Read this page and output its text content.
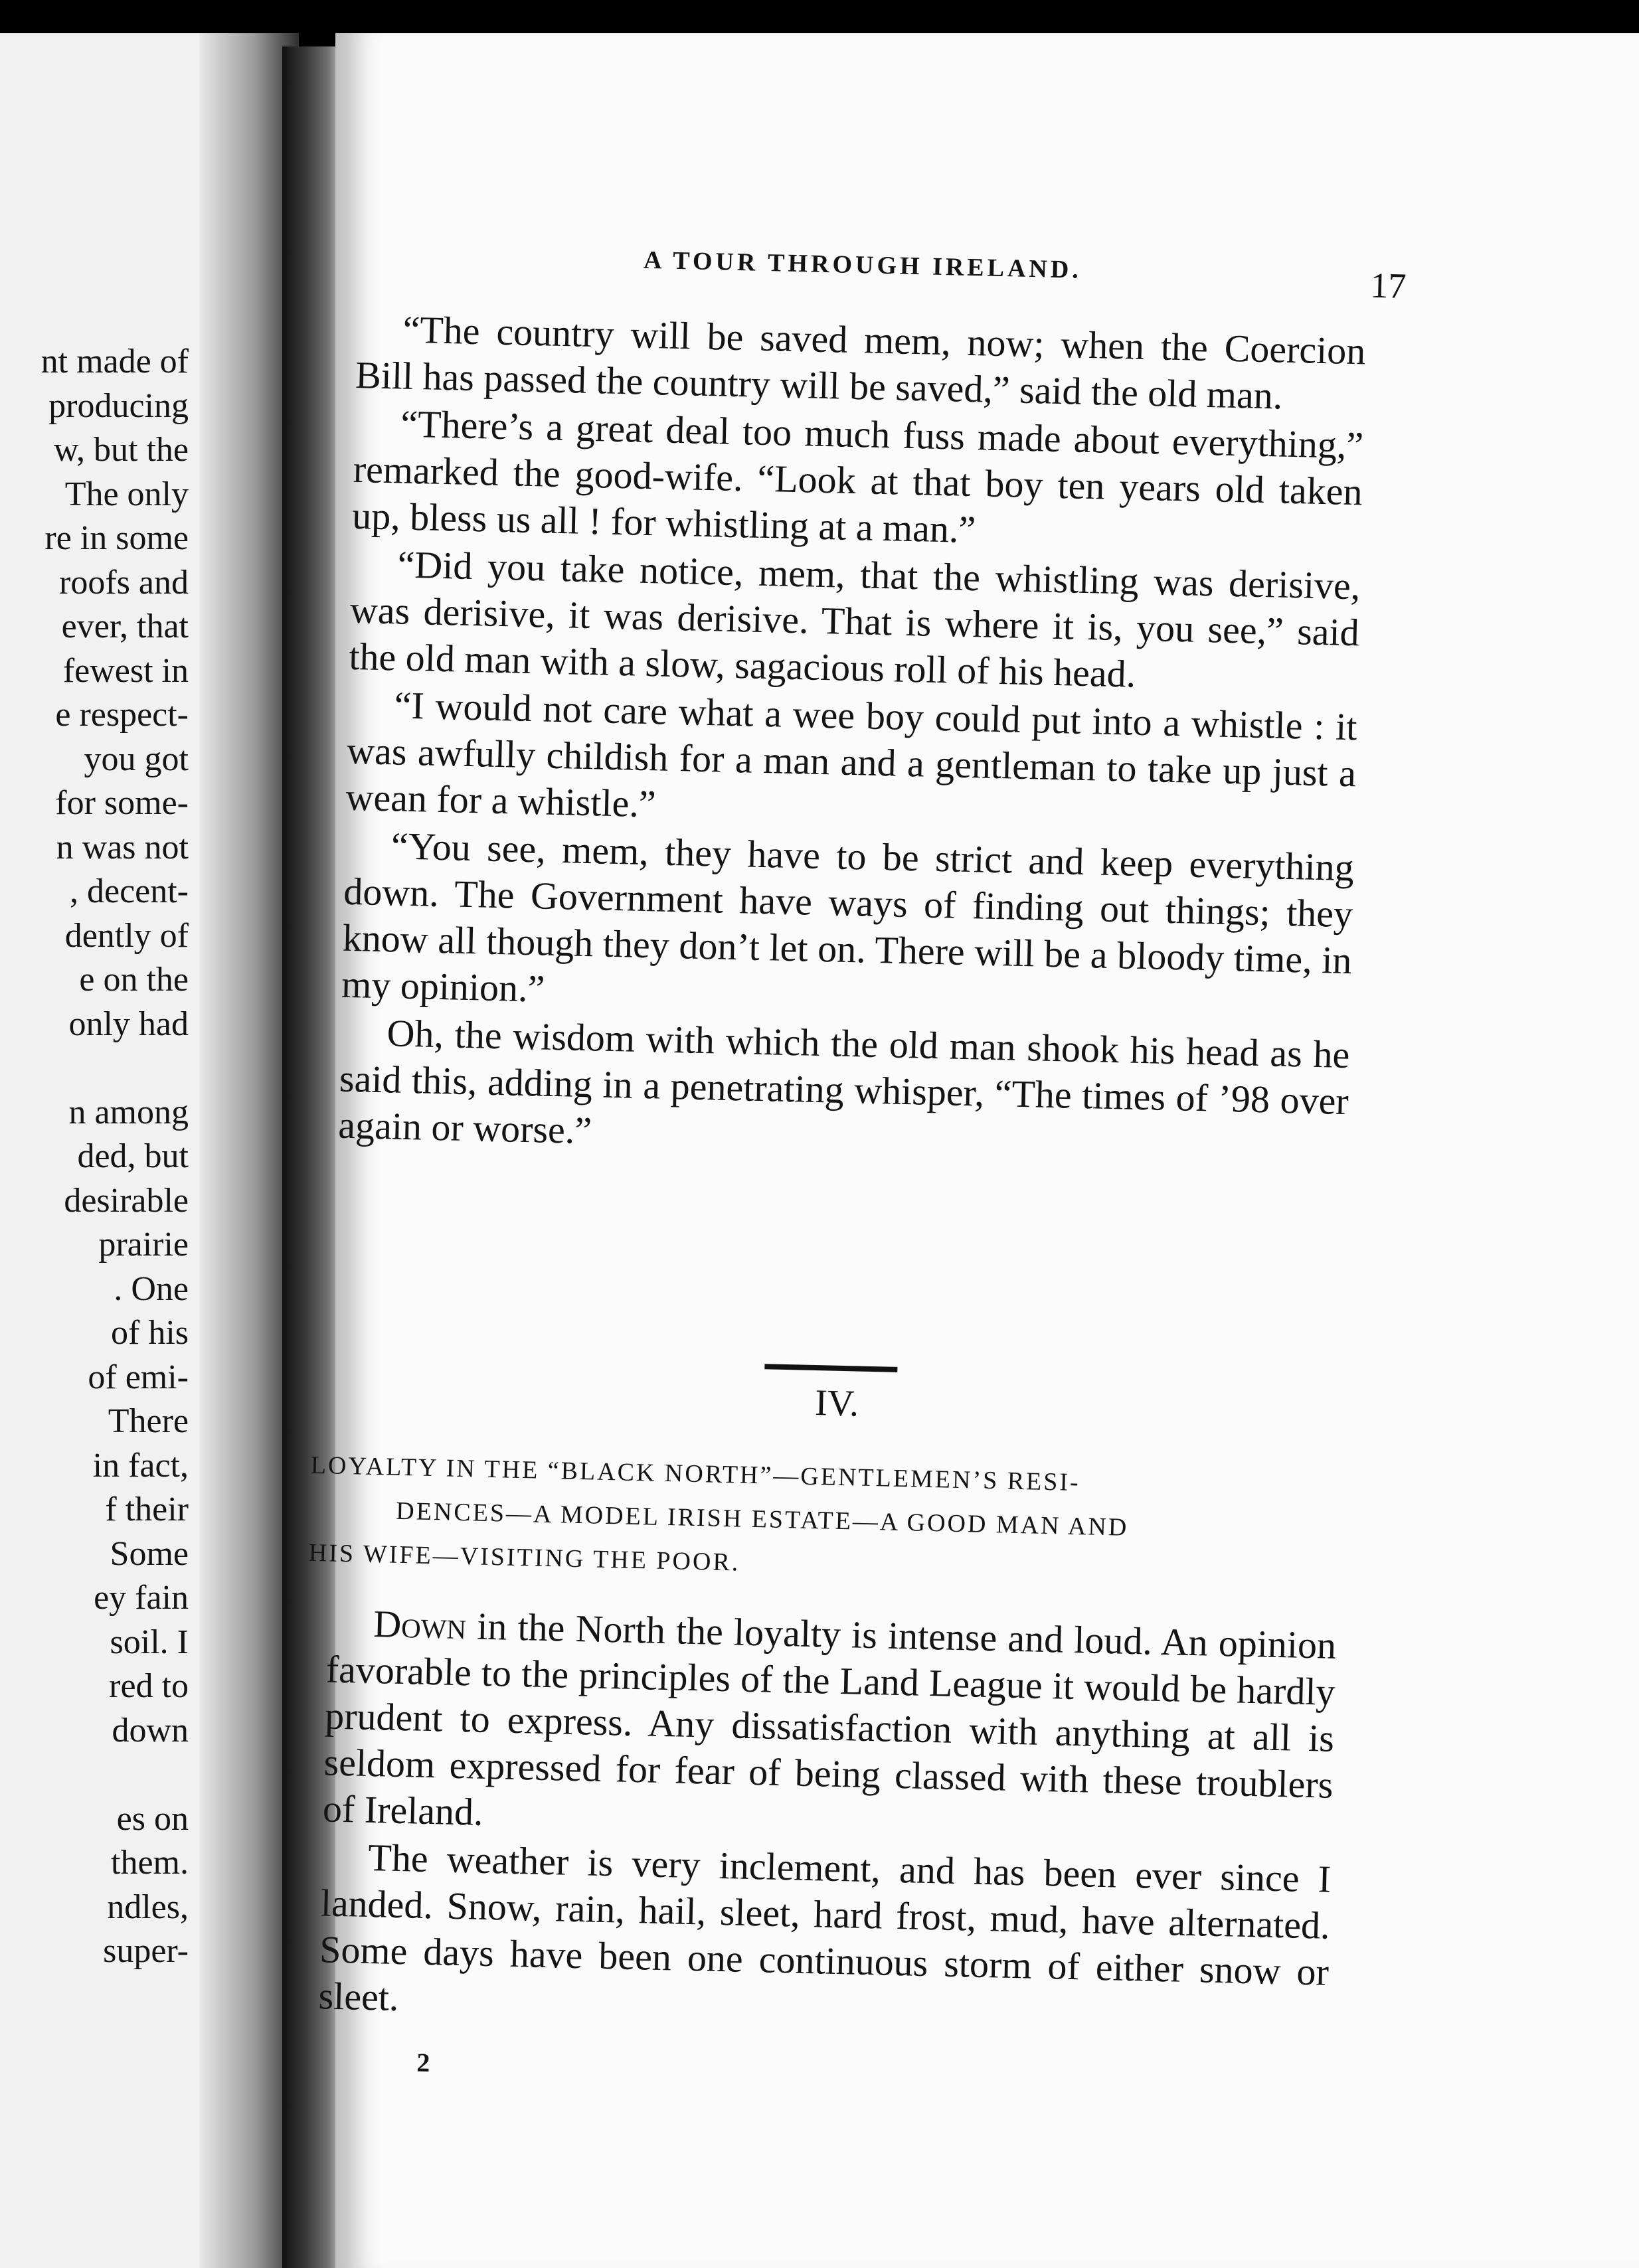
nt made of
producing
w, but the
The only
re in some
roofs and
ever, that
fewest in
e respect-
you got
for some-
n was not
, decent-
dently of
e on the
only had
n among
ded, but
desirable
prairie
. One
of his
of emi-
There
in fact,
f their
Some
ey fain
soil. I
red to
down
es on
them.
ndles,
super-
A TOUR THROUGH IRELAND.
17

“The country will be saved mem, now; when the Coercion Bill has passed the country will be saved,” said the old man.

“There’s a great deal too much fuss made about everything,” remarked the good-wife. “Look at that boy ten years old taken up, bless us all ! for whistling at a man.”

“Did you take notice, mem, that the whistling was derisive, was derisive, it was derisive. That is where it is, you see,” said the old man with a slow, sagacious roll of his head.

“I would not care what a wee boy could put into a whistle : it was awfully childish for a man and a gentleman to take up just a wean for a whistle.”

“You see, mem, they have to be strict and keep everything down. The Government have ways of finding out things; they know all though they don’t let on. There will be a bloody time, in my opinion.”

Oh, the wisdom with which the old man shook his head as he said this, adding in a penetrating whisper, “The times of ’98 over again or worse.”

IV.
LOYALTY IN THE “BLACK NORTH”—GENTLEMEN’S RESI-
DENCES—A MODEL IRISH ESTATE—A GOOD MAN AND
HIS WIFE—VISITING THE POOR.

Down in the North the loyalty is intense and loud. An opinion favorable to the principles of the Land League it would be hardly prudent to express. Any dissatisfaction with anything at all is seldom expressed for fear of being classed with these troublers of Ireland.

The weather is very inclement, and has been ever since I landed. Snow, rain, hail, sleet, hard frost, mud, have alternated. Some days have been one continuous storm of either snow or sleet.

2
